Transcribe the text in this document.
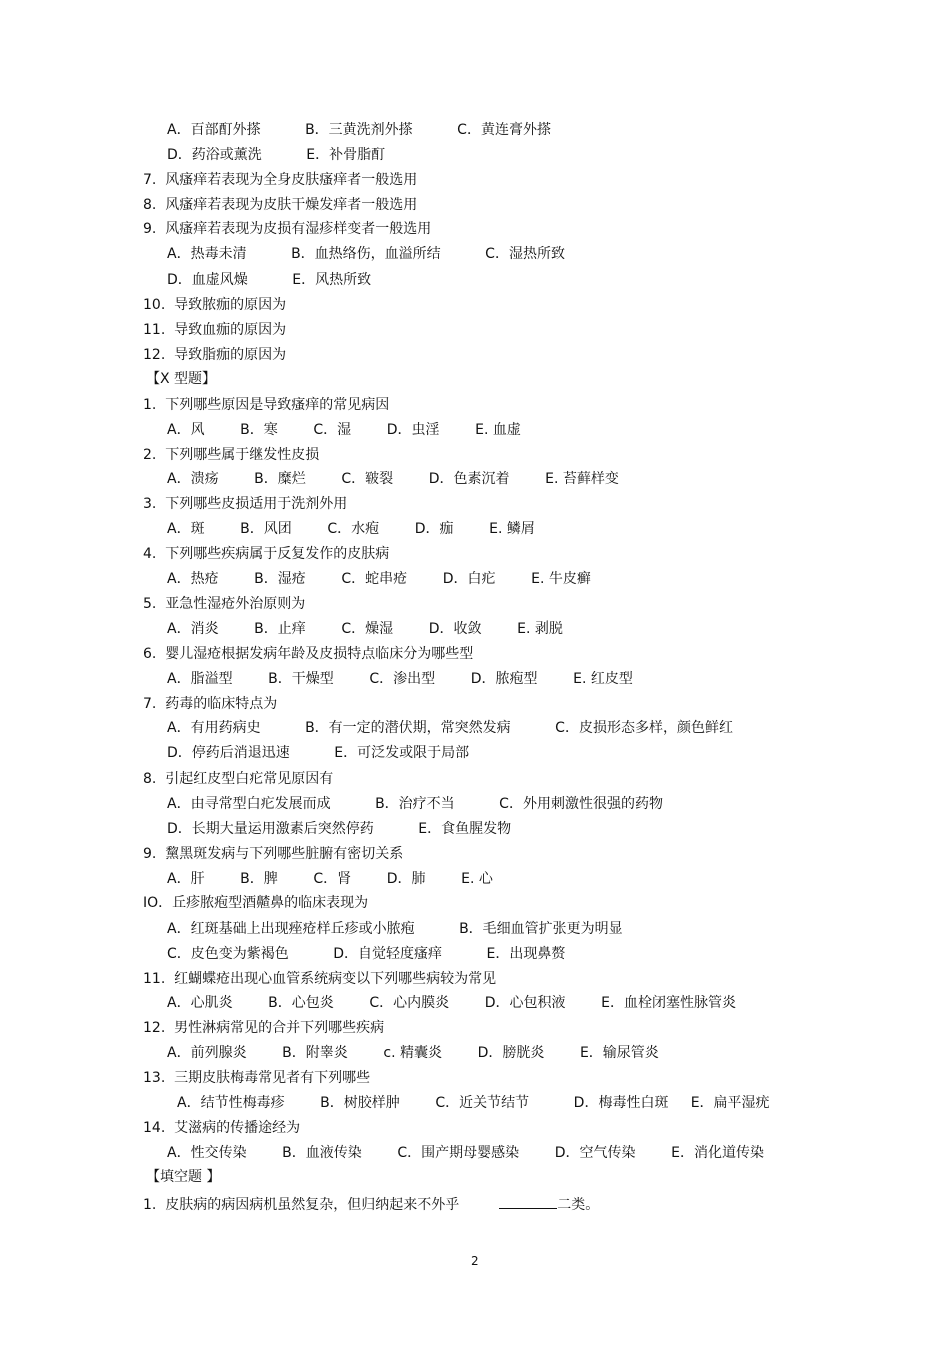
A．百部酊外搽          B．三黄洗剂外搽          C．黄连膏外搽
D．药浴或薰洗          E．补骨脂酊
7.  风瘙痒若表现为全身皮肤瘙痒者一般选用
8.  风瘙痒若表现为皮肤干燥发痒者一般选用
9.  风瘙痒若表现为皮损有湿疹样变者一般选用
A．热毒未清          B．血热络伤，血溢所结          C．湿热所致
D．血虚风燥          E．风热所致
10.  导致脓痂的原因为
11.  导致血痂的原因为
12.  导致脂痂的原因为
【X 型题】
1.  下列哪些原因是导致瘙痒的常见病因
A．风        B．寒        C．湿        D．虫淫        E. 血虚
2.  下列哪些属于继发性皮损
A．溃疡        B．糜烂        C．皲裂        D．色素沉着        E. 苔藓样变
3.  下列哪些皮损适用于洗剂外用
A．斑        B．风团        C．水疱        D．痂        E. 鳞屑
4.  下列哪些疾病属于反复发作的皮肤病
A．热疮        B．湿疮        C．蛇串疮        D．白疕        E. 牛皮癣
5.  亚急性湿疮外治原则为
A．消炎        B．止痒        C．燥湿        D．收敛        E. 剥脱
6.  婴儿湿疮根据发病年龄及皮损特点临床分为哪些型
A．脂溢型        B．干燥型        C．渗出型        D．脓疱型        E. 红皮型
7.  药毒的临床特点为
A．有用药病史          B．有一定的潜伏期，常突然发病          C．皮损形态多样，颜色鲜红
D．停药后消退迅速          E．可泛发或限于局部
8.  引起红皮型白疕常见原因有
A．由寻常型白疕发展而成          B．治疗不当          C．外用刺激性很强的药物
D．长期大量运用激素后突然停药          E．食鱼腥发物
9.  黧黑斑发病与下列哪些脏腑有密切关系
A．肝        B．脾        C．肾        D．肺        E. 心
IO．丘疹脓疱型酒齄鼻的临床表现为
A．红斑基础上出现痤疮样丘疹或小脓疱          B．毛细血管扩张更为明显
C．皮色变为紫褐色          D．自觉轻度瘙痒          E．出现鼻赘
11.  红蝴蝶疮出现心血管系统病变以下列哪些病较为常见
A．心肌炎        B．心包炎        C．心内膜炎        D．心包积液        E．血栓闭塞性脉管炎
12.  男性淋病常见的合并下列哪些疾病
A．前列腺炎        B．附睾炎        c. 精囊炎        D．膀胱炎        E．输尿管炎
13.  三期皮肤梅毒常见者有下列哪些
A．结节性梅毒疹        B．树胶样肿        C．近关节结节          D．梅毒性白斑     E．扁平湿疣
14.  艾滋病的传播途经为
A．性交传染        B．血液传染        C．围产期母婴感染        D．空气传染        E．消化道传染
【填空题 】
1.  皮肤病的病因病机虽然复杂，但归纳起来不外乎	二类。
2
